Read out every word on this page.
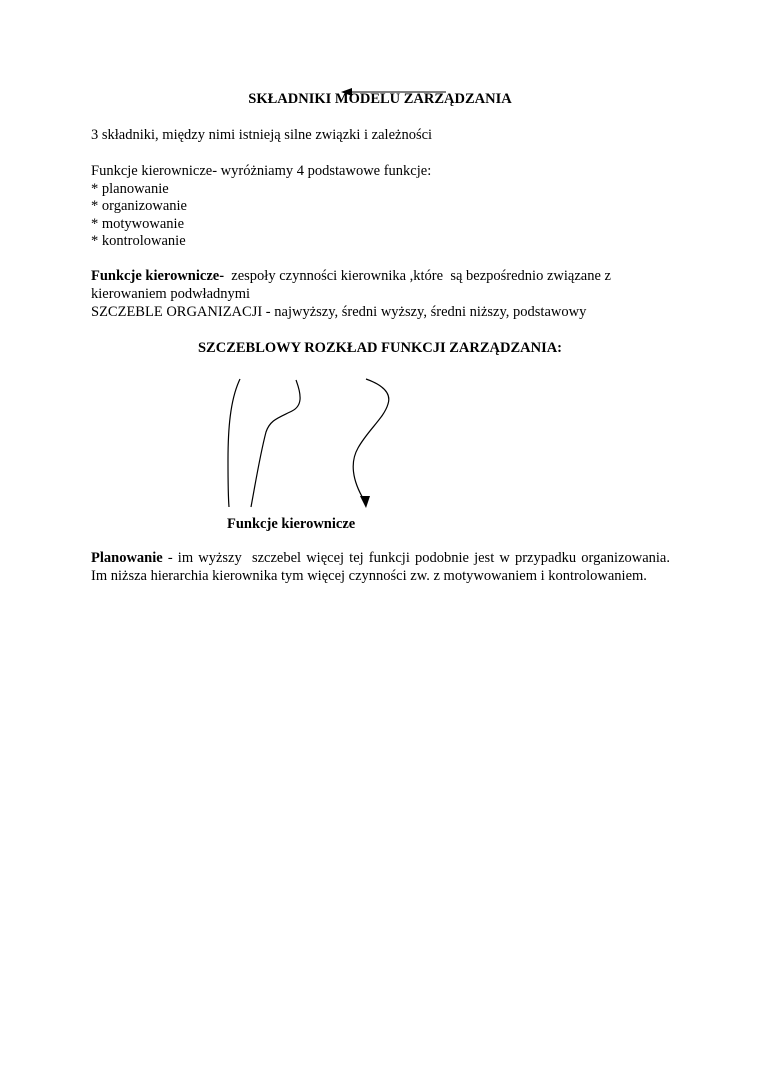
SKŁADNIKI MODELU ZARZĄDZANIA
3 składniki, między nimi istnieją silne związki i zależności
Funkcje kierownicze- wyróżniamy 4 podstawowe funkcje:
* planowanie
* organizowanie
* motywowanie
* kontrolowanie
Funkcje kierownicze-  zespoły czynności kierownika ,które  są bezpośrednio związane z kierowaniem podwładnymi
SZCZEBLE ORGANIZACJI - najwyższy, średni wyższy, średni niższy, podstawowy
SZCZEBLOWY ROZKŁAD FUNKCJI ZARZĄDZANIA:
Funkcje kierownicze
Planowanie - im wyższy  szczebel więcej tej funkcji podobnie jest w przypadku organizowania. Im niższa hierarchia kierownika tym więcej czynności zw. z motywowaniem i kontrolowaniem.
